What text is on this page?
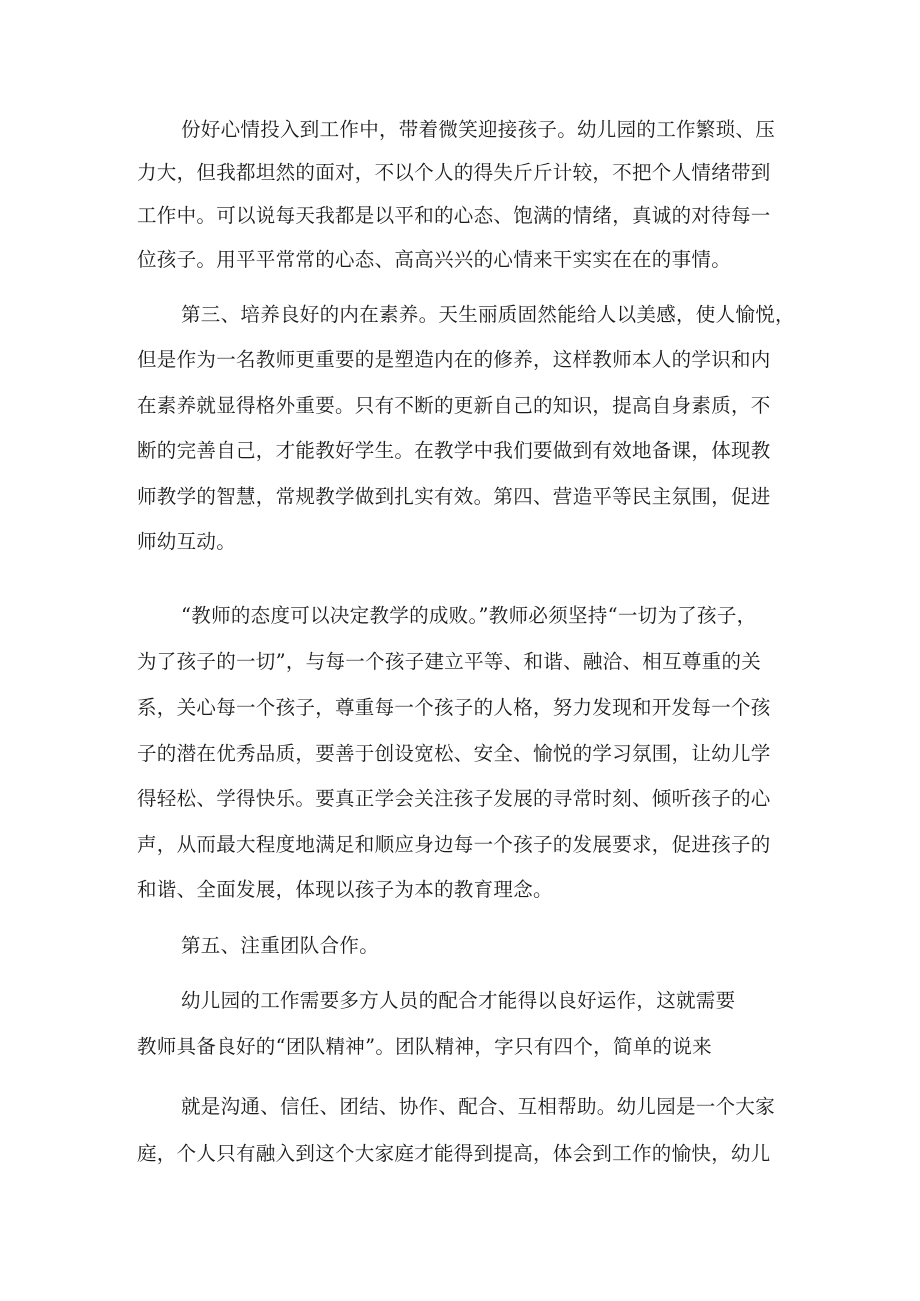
份好心情投入到工作中，带着微笑迎接孩子。幼儿园的工作繁琐、压
力大，但我都坦然的面对，不以个人的得失斤斤计较，不把个人情绪带到
工作中。可以说每天我都是以平和的心态、饱满的情绪，真诚的对待每一
位孩子。用平平常常的心态、高高兴兴的心情来干实实在在的事情。
第三、培养良好的内在素养。天生丽质固然能给人以美感，使人愉悦，
但是作为一名教师更重要的是塑造内在的修养，这样教师本人的学识和内
在素养就显得格外重要。只有不断的更新自己的知识，提高自身素质，不
断的完善自己，才能教好学生。在教学中我们要做到有效地备课，体现教
师教学的智慧，常规教学做到扎实有效。第四、营造平等民主氛围，促进
师幼互动。
“教师的态度可以决定教学的成败。”教师必须坚持“一切为了孩子，
为了孩子的一切”，与每一个孩子建立平等、和谐、融洽、相互尊重的关
系，关心每一个孩子，尊重每一个孩子的人格，努力发现和开发每一个孩
子的潜在优秀品质，要善于创设宽松、安全、愉悦的学习氛围，让幼儿学
得轻松、学得快乐。要真正学会关注孩子发展的寻常时刻、倾听孩子的心
声，从而最大程度地满足和顺应身边每一个孩子的发展要求，促进孩子的
和谐、全面发展，体现以孩子为本的教育理念。
第五、注重团队合作。
幼儿园的工作需要多方人员的配合才能得以良好运作，这就需要
教师具备良好的“团队精神”。团队精神，字只有四个，简单的说来
就是沟通、信任、团结、协作、配合、互相帮助。幼儿园是一个大家
庭，个人只有融入到这个大家庭才能得到提高，体会到工作的愉快，幼儿
